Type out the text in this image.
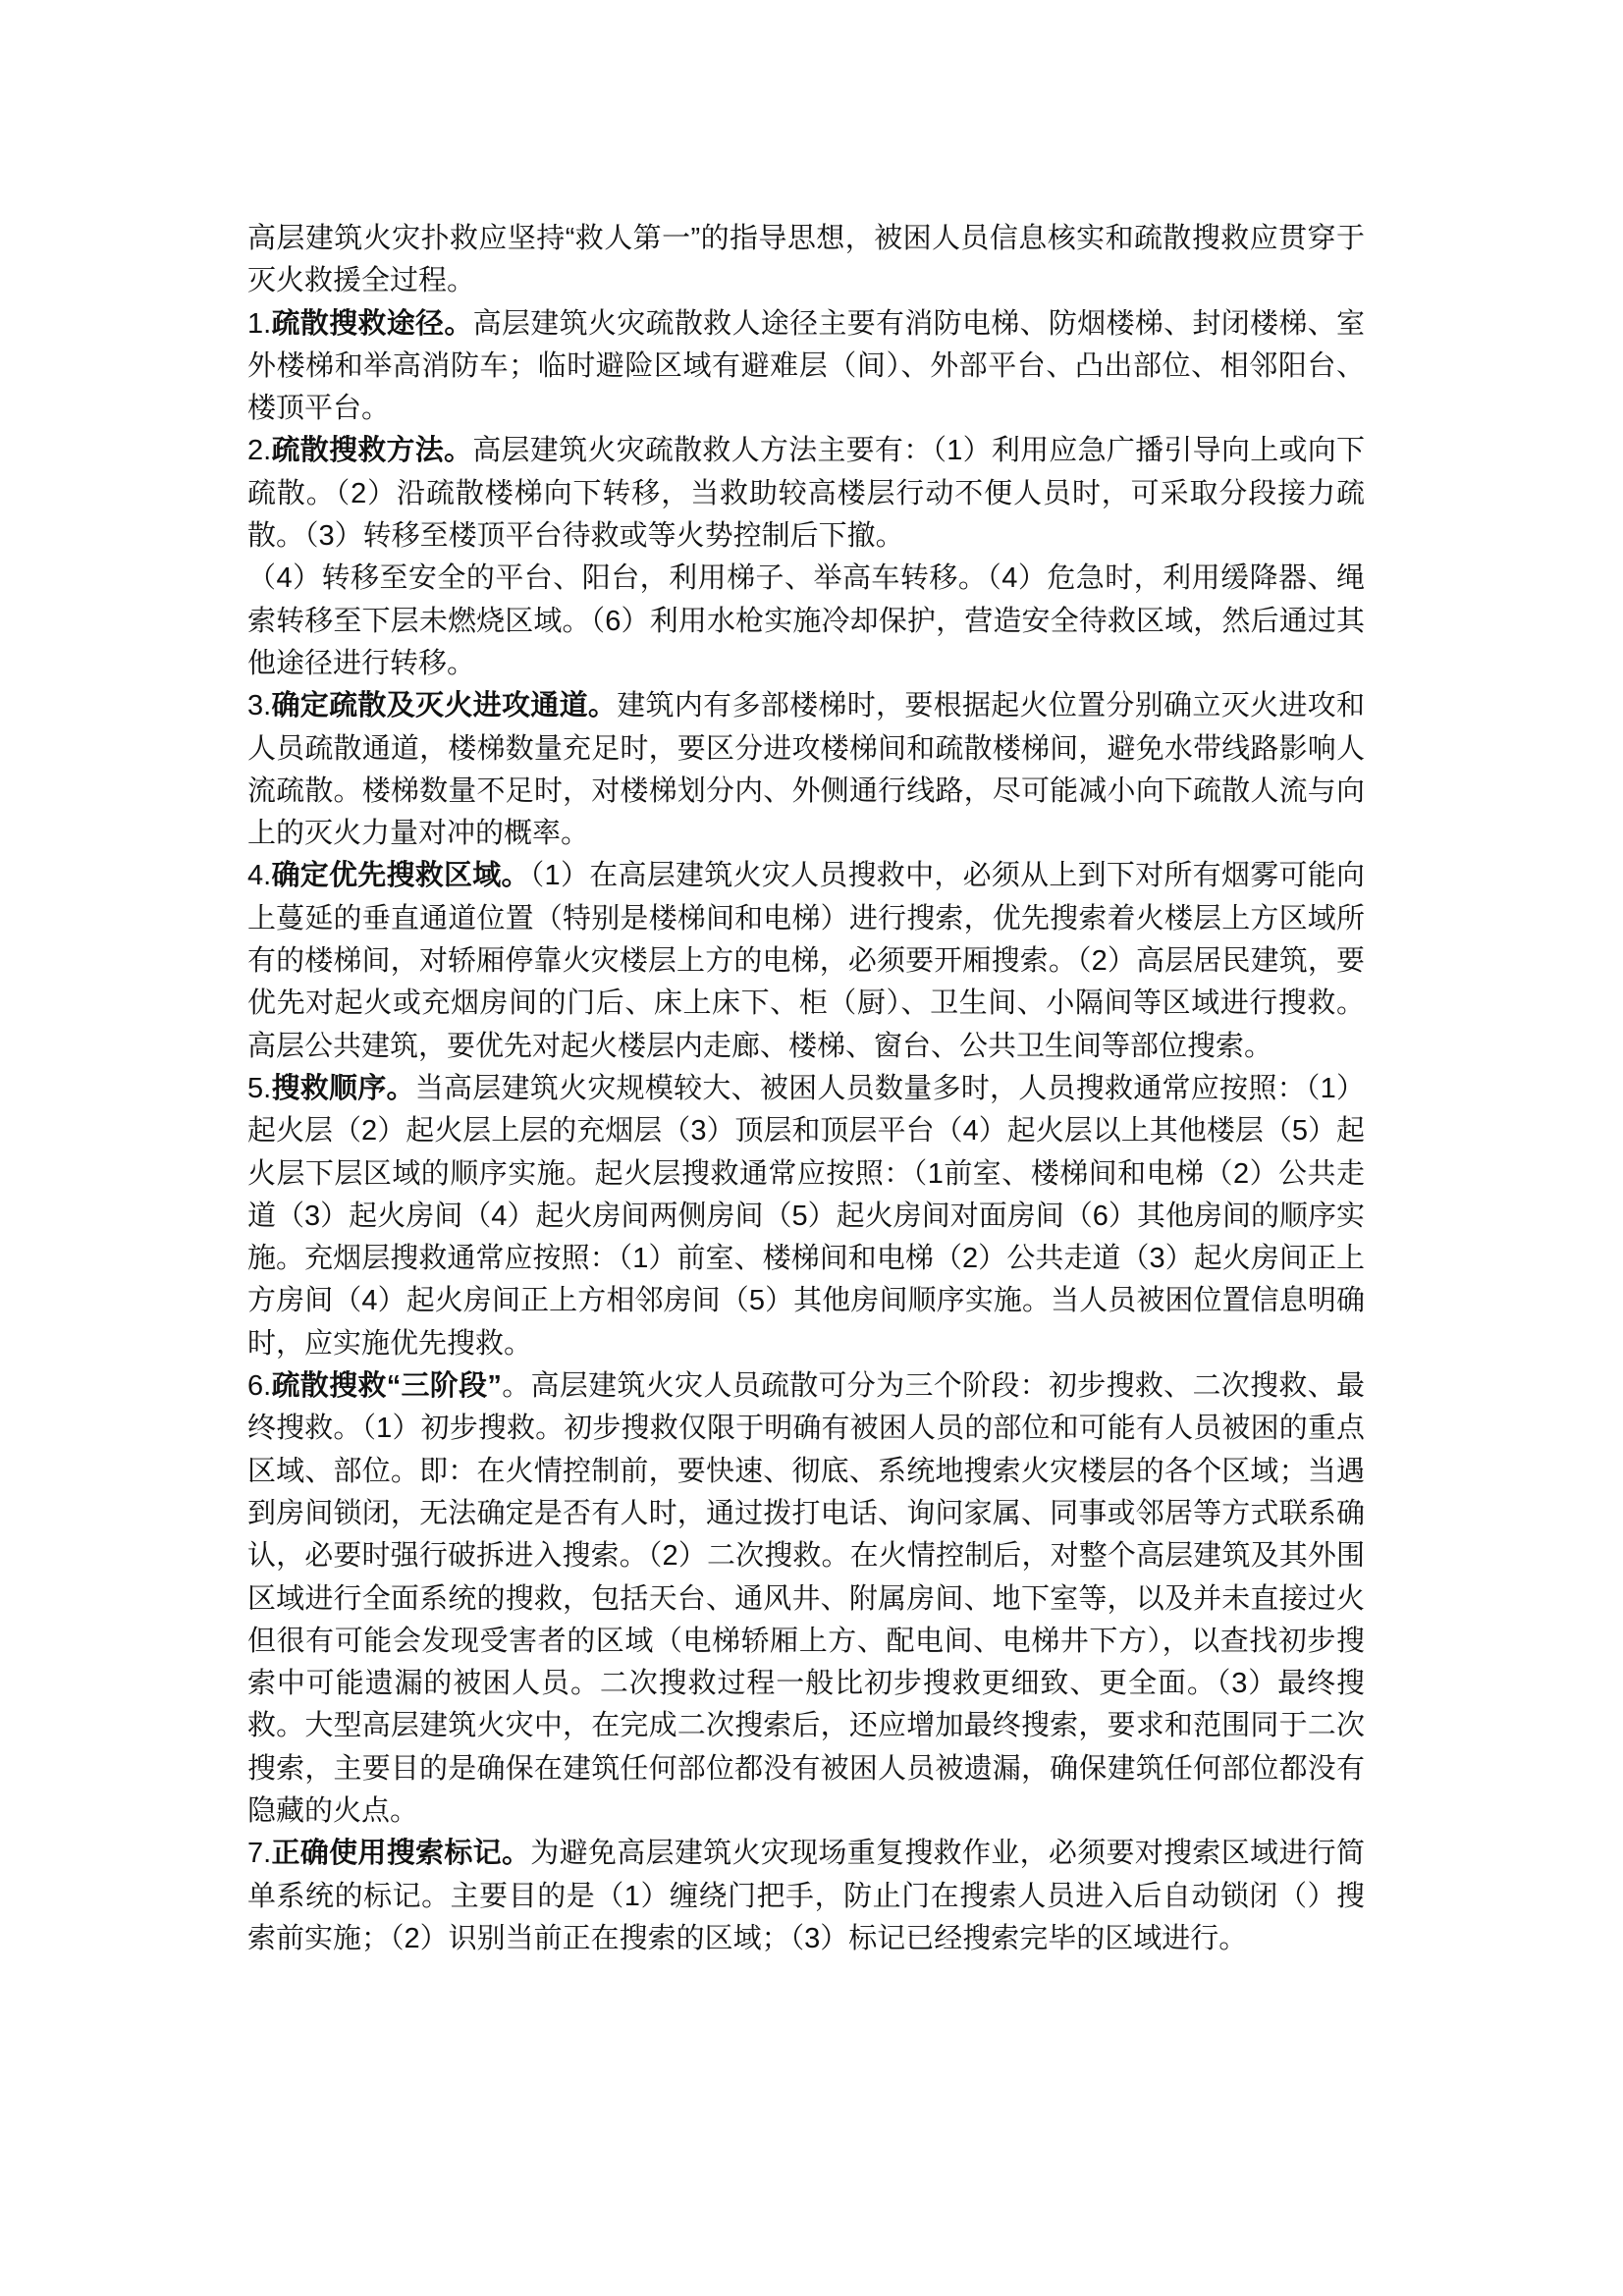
高层建筑火灾扑救应坚持“救人第一”的指导思想，被困人员信息核实和疏散搜救应贯穿于灭火救援全过程。

1.疏散搜救途径。高层建筑火灾疏散救人途径主要有消防电梯、防烟楼梯、封闭楼梯、室外楼梯和举高消防车；临时避险区域有避难层（间）、外部平台、凸出部位、相邻阳台、楼顶平台。

2.疏散搜救方法。高层建筑火灾疏散救人方法主要有：（1）利用应急广播引导向上或向下疏散。（2）沿疏散楼梯向下转移，当救助较高楼层行动不便人员时，可采取分段接力疏散。（3）转移至楼顶平台待救或等火势控制后下撤。

（4）转移至安全的平台、阳台，利用梯子、举高车转移。（4）危急时，利用缓降器、绳索转移至下层未燃烧区域。（6）利用水枪实施冷却保护，营造安全待救区域，然后通过其他途径进行转移。

3.确定疏散及灭火进攻通道。建筑内有多部楼梯时，要根据起火位置分别确立灭火进攻和人员疏散通道，楼梯数量充足时，要区分进攻楼梯间和疏散楼梯间，避免水带线路影响人流疏散。楼梯数量不足时，对楼梯划分内、外侧通行线路，尽可能减小向下疏散人流与向上的灭火力量对冲的概率。

4.确定优先搜救区域。（1）在高层建筑火灾人员搜救中，必须从上到下对所有烟雾可能向上蔓延的垂直通道位置（特别是楼梯间和电梯）进行搜索，优先搜索着火楼层上方区域所有的楼梯间，对轿厢停靠火灾楼层上方的电梯，必须要开厢搜索。（2）高层居民建筑，要优先对起火或充烟房间的门后、床上床下、柜（厨）、卫生间、小隔间等区域进行搜救。高层公共建筑，要优先对起火楼层内走廊、楼梯、窗台、公共卫生间等部位搜索。

5.搜救顺序。当高层建筑火灾规模较大、被困人员数量多时，人员搜救通常应按照：（1）起火层（2）起火层上层的充烟层（3）顶层和顶层平台（4）起火层以上其他楼层（5）起火层下层区域的顺序实施。起火层搜救通常应按照：（1前室、楼梯间和电梯（2）公共走道（3）起火房间（4）起火房间两侧房间（5）起火房间对面房间（6）其他房间的顺序实施。充烟层搜救通常应按照：（1）前室、楼梯间和电梯（2）公共走道（3）起火房间正上方房间（4）起火房间正上方相邻房间（5）其他房间顺序实施。当人员被困位置信息明确时，应实施优先搜救。

6.疏散搜救“三阶段”。高层建筑火灾人员疏散可分为三个阶段：初步搜救、二次搜救、最终搜救。（1）初步搜救。初步搜救仅限于明确有被困人员的部位和可能有人员被困的重点区域、部位。即：在火情控制前，要快速、彻底、系统地搜索火灾楼层的各个区域；当遇到房间锁闭，无法确定是否有人时，通过拨打电话、询问家属、同事或邻居等方式联系确认，必要时强行破拆进入搜索。（2）二次搜救。在火情控制后，对整个高层建筑及其外围区域进行全面系统的搜救，包括天台、通风井、附属房间、地下室等，以及并未直接过火但很有可能会发现受害者的区域（电梯轿厢上方、配电间、电梯井下方），以查找初步搜索中可能遗漏的被困人员。二次搜救过程一般比初步搜救更细致、更全面。（3）最终搜救。大型高层建筑火灾中，在完成二次搜索后，还应增加最终搜索，要求和范围同于二次搜索，主要目的是确保在建筑任何部位都没有被困人员被遗漏，确保建筑任何部位都没有隐藏的火点。

7.正确使用搜索标记。为避免高层建筑火灾现场重复搜救作业，必须要对搜索区域进行简单系统的标记。主要目的是（1）缠绕门把手，防止门在搜索人员进入后自动锁闭（）搜索前实施；（2）识别当前正在搜索的区域；（3）标记已经搜索完毕的区域进行。
